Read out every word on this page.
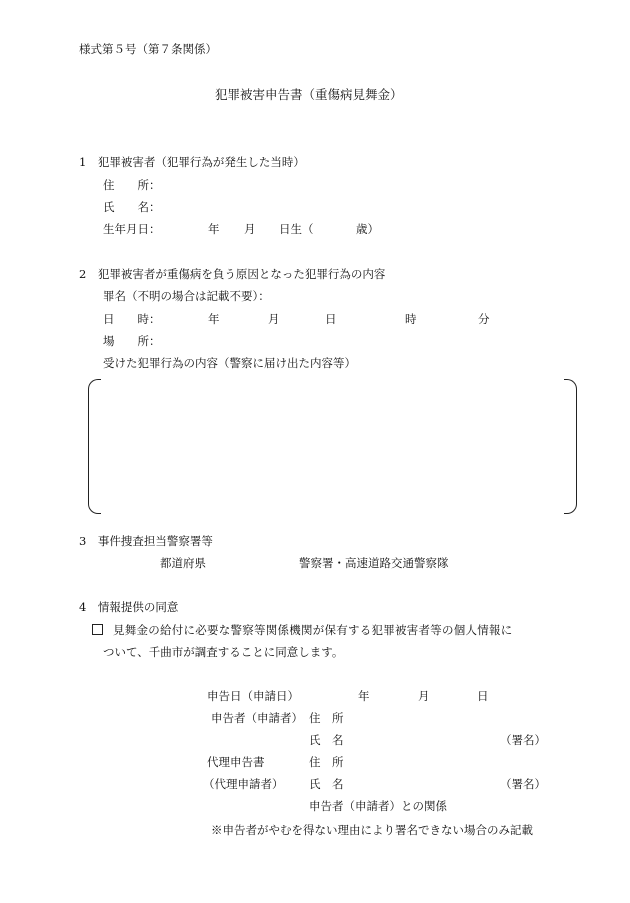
様式第５号（第７条関係）
犯罪被害申告書（重傷病見舞金）
1　犯罪被害者（犯罪行為が発生した当時）
住　　所：
氏　　名：
生年月日：	年 月 日生（	歳）
2　犯罪被害者が重傷病を負う原因となった犯罪行為の内容
罪名（不明の場合は記載不要）：
日　　時：	年	月	日	時	分
場　　所：
受けた犯罪行為の内容（警察に届け出た内容等）
3　事件捜査担当警察署等
都道府県	警察署・高速道路交通警察隊
4　情報提供の同意
見舞金の給付に必要な警察等関係機関が保有する犯罪被害者等の個人情報に
ついて、千曲市が調査することに同意します。
申告日（申請日）	年	月	日
申告者（申請者） 住　所
氏　名	（署名）
代理申告書	住　所
（代理申請者） 氏　名	（署名）
申告者（申請者）との関係
※申告者がやむを得ない理由により署名できない場合のみ記載
